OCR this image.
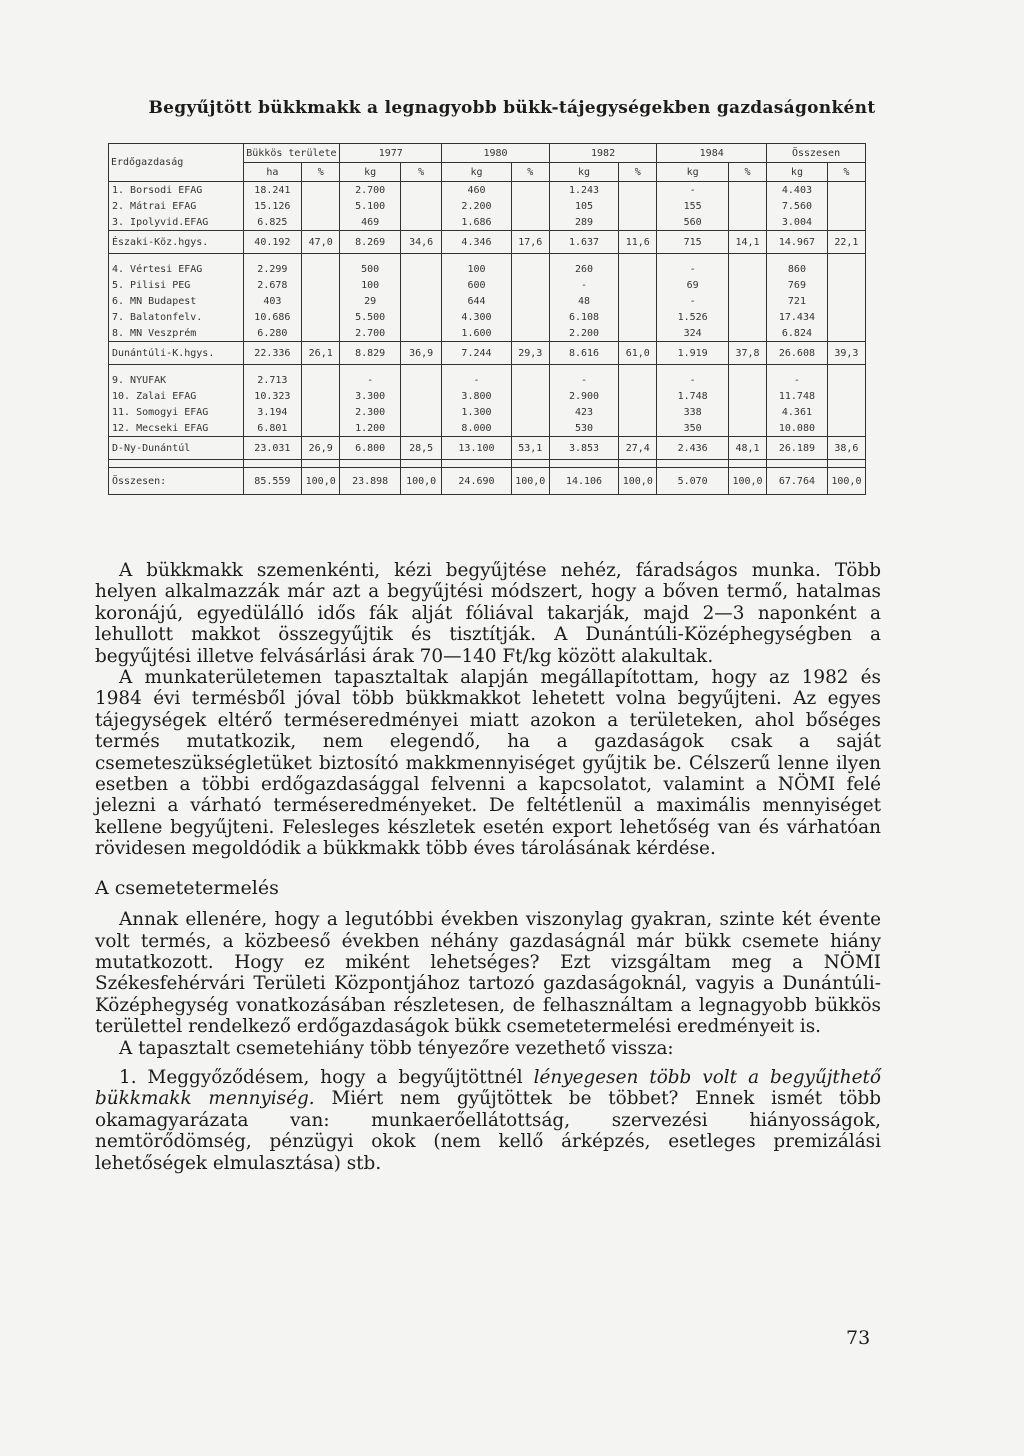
Begyűjtött bükkmakk a legnagyobb bükk-tájegységekben gazdaságonként
Erdőgazdaság	Bükkös területe		1977		1980		1982		1984		Összesen	
	ha	%	kg	%	kg	%	kg	%	kg	%	kg	%
1. Borsodi EFAG	18.241		2.700		460		1.243		-		4.403	
2. Mátrai EFAG	15.126		5.100		2.200		105		155		7.560	
3. Ipolyvid.EFAG	6.825		469		1.686		289		560		3.004	
Északi-Köz.hgys.	40.192	47,0	8.269	34,6	4.346	17,6	1.637	11,6	715	14,1	14.967	22,1

4. Vértesi EFAG	2.299		500		100		260		-		860	
5. Pilisi PEG	2.678		100		600		-		69		769	
6. MN Budapest	403		29		644		48		-		721	
7. Balatonfelv.	10.686		5.500		4.300		6.108		1.526		17.434	
8. MN Veszprém	6.280		2.700		1.600		2.200		324		6.824	
Dunántúli-K.hgys.	22.336	26,1	8.829	36,9	7.244	29,3	8.616	61,0	1.919	37,8	26.608	39,3

9. NYUFAK	2.713		-		-		-		-		-	
10. Zalai EFAG	10.323		3.300		3.800		2.900		1.748		11.748	
11. Somogyi EFAG	3.194		2.300		1.300		423		338		4.361	
12. Mecseki EFAG	6.801		1.200		8.000		530		350		10.080	
D-Ny-Dunántúl	23.031	26,9	6.800	28,5	13.100	53,1	3.853	27,4	2.436	48,1	26.189	38,6

Összesen:	85.559	100,0	23.898	100,0	24.690	100,0	14.106	100,0	5.070	100,0	67.764	100,0

A bükkmakk szemenkénti, kézi begyűjtése nehéz, fáradságos munka. Több helyen alkalmazzák már azt a begyűjtési módszert, hogy a bőven termő, hatalmas koronájú, egyedülálló idős fák alját fóliával takarják, majd 2—3 naponként a lehullott makkot összegyűjtik és tisztítják. A Dunántúli-Középhegységben a begyűjtési illetve felvásárlási árak 70—140 Ft/kg között alakultak.

A munkaterületemen tapasztaltak alapján megállapítottam, hogy az 1982 és 1984 évi termésből jóval több bükkmakkot lehetett volna begyűjteni. Az egyes tájegységek eltérő terméseredményei miatt azokon a területeken, ahol bőséges termés mutatkozik, nem elegendő, ha a gazdaságok csak a saját csemeteszükségletüket biztosító makkmennyiséget gyűjtik be. Célszerű lenne ilyen esetben a többi erdőgazdasággal felvenni a kapcsolatot, valamint a NÖMI felé jelezni a várható terméseredményeket. De feltétlenül a maximális mennyiséget kellene begyűjteni. Felesleges készletek esetén export lehetőség van és várhatóan rövidesen megoldódik a bükkmakk több éves tárolásának kérdése.

A csemetetermelés

Annak ellenére, hogy a legutóbbi években viszonylag gyakran, szinte két évente volt termés, a közbeeső években néhány gazdaságnál már bükk csemete hiány mutatkozott. Hogy ez miként lehetséges? Ezt vizsgáltam meg a NÖMI Székesfehérvári Területi Központjához tartozó gazdaságoknál, vagyis a Dunántúli-Középhegység vonatkozásában részletesen, de felhasználtam a legnagyobb bükkös területtel rendelkező erdőgazdaságok bükk csemetetermelési eredményeit is.

A tapasztalt csemetehiány több tényezőre vezethető vissza:

1. Meggyőződésem, hogy a begyűjtöttnél lényegesen több volt a begyűjthető bükkmakk mennyiség. Miért nem gyűjtöttek be többet? Ennek ismét több okamagyarázata van: munkaerőellátottság, szervezési hiányosságok, nemtörődömség, pénzügyi okok (nem kellő árképzés, esetleges premizálási lehetőségek elmulasztása) stb.

73
